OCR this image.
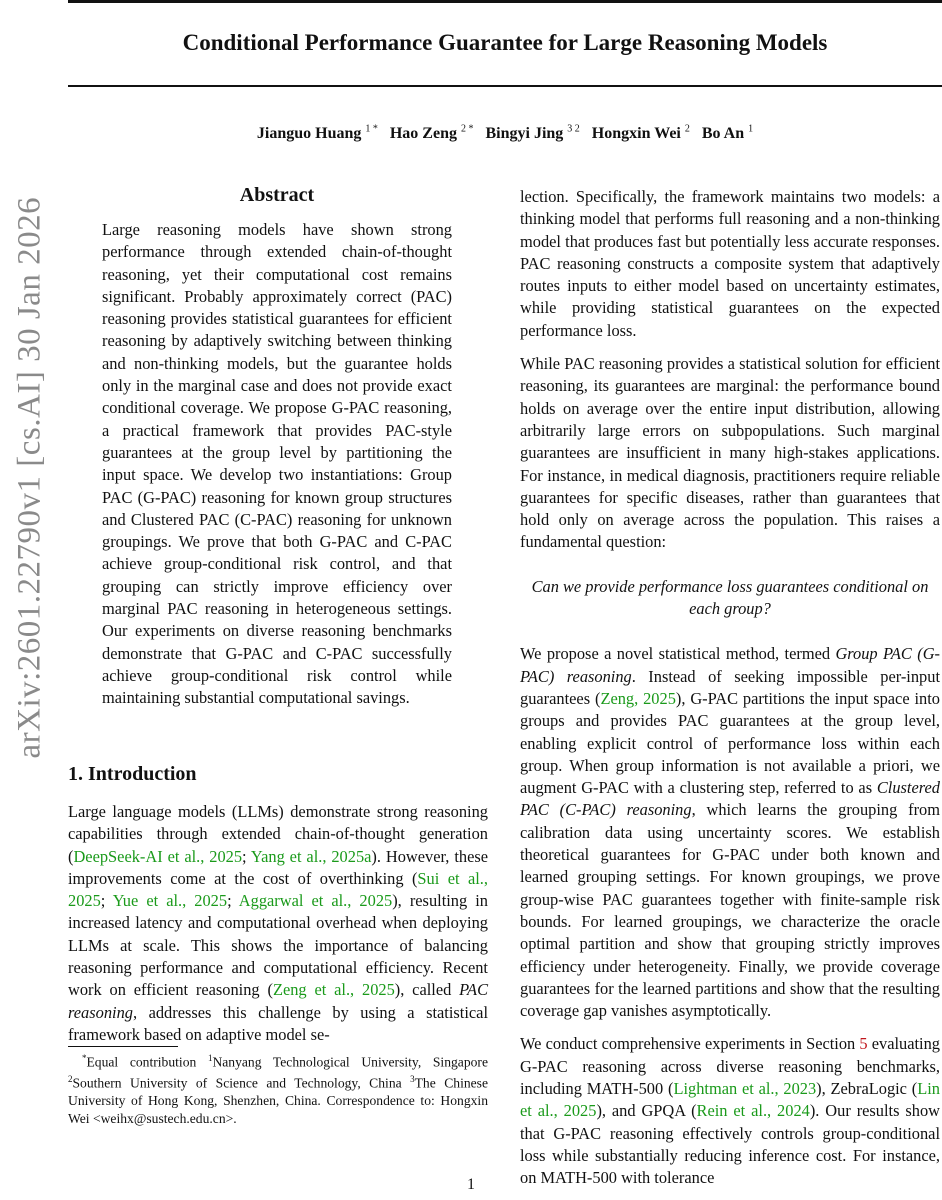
arXiv:2601.22790v1 [cs.AI] 30 Jan 2026
Conditional Performance Guarantee for Large Reasoning Models
Jianguo Huang $^{1 *}$ Hao Zeng $^{2 *}$ Bingyi Jing $^{3 2}$ Hongxin Wei $^2$ Bo An $^1$
Abstract

Large reasoning models have shown strong performance through extended chain-of-thought reasoning, yet their computational cost remains significant. Probably approximately correct (PAC) reasoning provides statistical guarantees for efficient reasoning by adaptively switching between thinking and non-thinking models, but the guarantee holds only in the marginal case and does not provide exact conditional coverage. We propose G-PAC reasoning, a practical framework that provides PAC-style guarantees at the group level by partitioning the input space. We develop two instantiations: Group PAC (G-PAC) reasoning for known group structures and Clustered PAC (C-PAC) reasoning for unknown groupings. We prove that both G-PAC and C-PAC achieve group-conditional risk control, and that grouping can strictly improve efficiency over marginal PAC reasoning in heterogeneous settings. Our experiments on diverse reasoning benchmarks demonstrate that G-PAC and C-PAC successfully achieve group-conditional risk control while maintaining substantial computational savings.

1. Introduction

Large language models (LLMs) demonstrate strong reasoning capabilities through extended chain-of-thought generation (DeepSeek-AI et al., 2025; Yang et al., 2025a). However, these improvements come at the cost of overthinking (Sui et al., 2025; Yue et al., 2025; Aggarwal et al., 2025), resulting in increased latency and computational overhead when deploying LLMs at scale. This shows the importance of balancing reasoning performance and computational efficiency. Recent work on efficient reasoning (Zeng et al., 2025), called PAC reasoning, addresses this challenge by using a statistical framework based on adaptive model se-

*Equal contribution $^1$Nanyang Technological University, Singapore $^2$Southern University of Science and Technology, China $^3$The Chinese University of Hong Kong, Shenzhen, China. Correspondence to: Hongxin Wei <weihx@sustech.edu.cn>.

lection. Specifically, the framework maintains two models: a thinking model that performs full reasoning and a non-thinking model that produces fast but potentially less accurate responses. PAC reasoning constructs a composite system that adaptively routes inputs to either model based on uncertainty estimates, while providing statistical guarantees on the expected performance loss.

While PAC reasoning provides a statistical solution for efficient reasoning, its guarantees are marginal: the performance bound holds on average over the entire input distribution, allowing arbitrarily large errors on subpopulations. Such marginal guarantees are insufficient in many high-stakes applications. For instance, in medical diagnosis, practitioners require reliable guarantees for specific diseases, rather than guarantees that hold only on average across the population. This raises a fundamental question:

Can we provide performance loss guarantees conditional on each group?

We propose a novel statistical method, termed Group PAC (G-PAC) reasoning. Instead of seeking impossible per-input guarantees (Zeng, 2025), G-PAC partitions the input space into groups and provides PAC guarantees at the group level, enabling explicit control of performance loss within each group. When group information is not available a priori, we augment G-PAC with a clustering step, referred to as Clustered PAC (C-PAC) reasoning, which learns the grouping from calibration data using uncertainty scores. We establish theoretical guarantees for G-PAC under both known and learned grouping settings. For known groupings, we prove group-wise PAC guarantees together with finite-sample risk bounds. For learned groupings, we characterize the oracle optimal partition and show that grouping strictly improves efficiency under heterogeneity. Finally, we provide coverage guarantees for the learned partitions and show that the resulting coverage gap vanishes asymptotically.

We conduct comprehensive experiments in Section 5 evaluating G-PAC reasoning across diverse reasoning benchmarks, including MATH-500 (Lightman et al., 2023), ZebraLogic (Lin et al., 2025), and GPQA (Rein et al., 2024). Our results show that G-PAC reasoning effectively controls group-conditional loss while substantially reducing inference cost. For instance, on MATH-500 with tolerance

1
